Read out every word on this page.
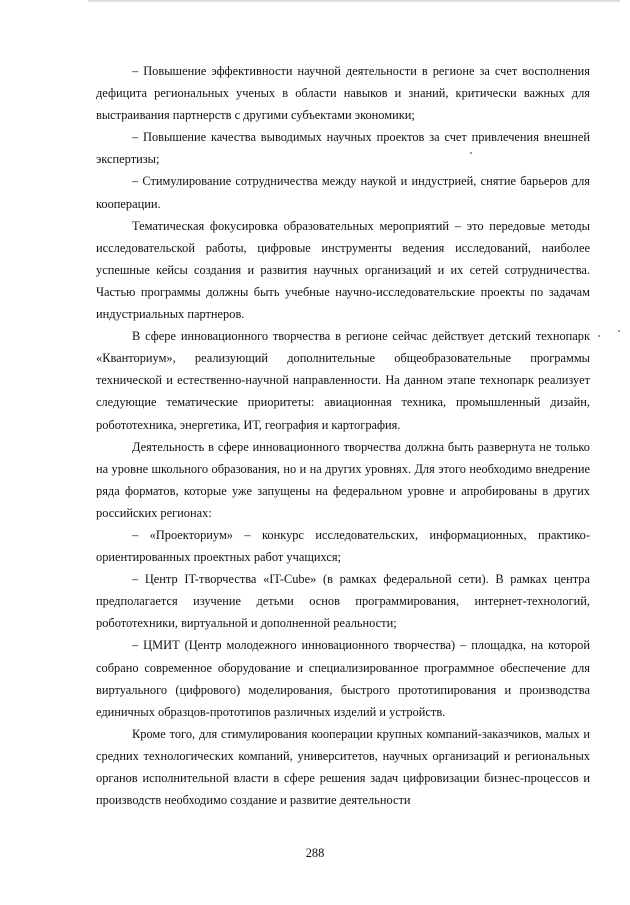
– Повышение эффективности научной деятельности в регионе за счет восполнения дефицита региональных ученых в области навыков и знаний, критически важных для выстраивания партнерств с другими субъектами экономики;

– Повышение качества выводимых научных проектов за счет привлечения внешней экспертизы;

– Стимулирование сотрудничества между наукой и индустрией, снятие барьеров для кооперации.

Тематическая фокусировка образовательных мероприятий – это передовые методы исследовательской работы, цифровые инструменты ведения исследований, наиболее успешные кейсы создания и развития научных организаций и их сетей сотрудничества. Частью программы должны быть учебные научно-исследовательские проекты по задачам индустриальных партнеров.

В сфере инновационного творчества в регионе сейчас действует детский технопарк «Кванториум», реализующий дополнительные общеобразовательные программы технической и естественно-научной направленности. На данном этапе технопарк реализует следующие тематические приоритеты: авиационная техника, промышленный дизайн, робототехника, энергетика, ИТ, география и картография.

Деятельность в сфере инновационного творчества должна быть развернута не только на уровне школьного образования, но и на других уровнях. Для этого необходимо внедрение ряда форматов, которые уже запущены на федеральном уровне и апробированы в других российских регионах:

– «Проекториум» – конкурс исследовательских, информационных, практико-ориентированных проектных работ учащихся;

– Центр IT-творчества «IT-Cube» (в рамках федеральной сети). В рамках центра предполагается изучение детьми основ программирования, интернет-технологий, робототехники, виртуальной и дополненной реальности;

– ЦМИТ (Центр молодежного инновационного творчества) – площадка, на которой собрано современное оборудование и специализированное программное обеспечение для виртуального (цифрового) моделирования, быстрого прототипирования и производства единичных образцов-прототипов различных изделий и устройств.

Кроме того, для стимулирования кооперации крупных компаний-заказчиков, малых и средних технологических компаний, университетов, научных организаций и региональных органов исполнительной власти в сфере решения задач цифровизации бизнес-процессов и производств необходимо создание и развитие деятельности

288
